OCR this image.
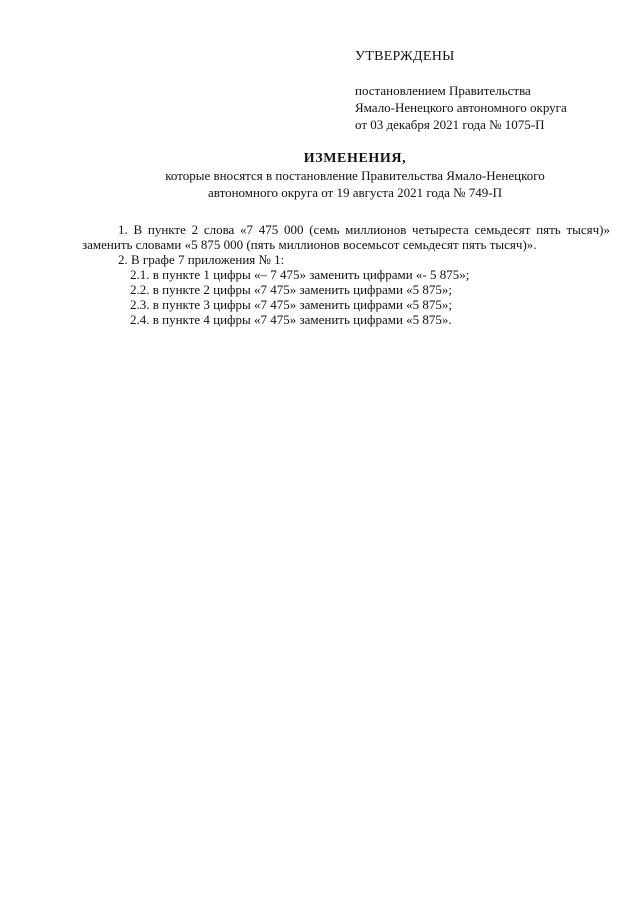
УТВЕРЖДЕНЫ
постановлением Правительства
Ямало-Ненецкого автономного округа
от 03 декабря 2021 года № 1075-П
ИЗМЕНЕНИЯ,
которые вносятся в постановление Правительства Ямало-Ненецкого
автономного округа от 19 августа 2021 года № 749-П

1. В пункте 2 слова «7 475 000 (семь миллионов четыреста семьдесят пять тысяч)» заменить словами «5 875 000 (пять миллионов восемьсот семьдесят пять тысяч)».

2. В графе 7 приложения № 1:

2.1. в пункте 1 цифры «– 7 475» заменить цифрами «- 5 875»;

2.2. в пункте 2 цифры «7 475» заменить цифрами «5 875»;

2.3. в пункте 3 цифры «7 475» заменить цифрами «5 875»;

2.4. в пункте 4 цифры «7 475» заменить цифрами «5 875».
